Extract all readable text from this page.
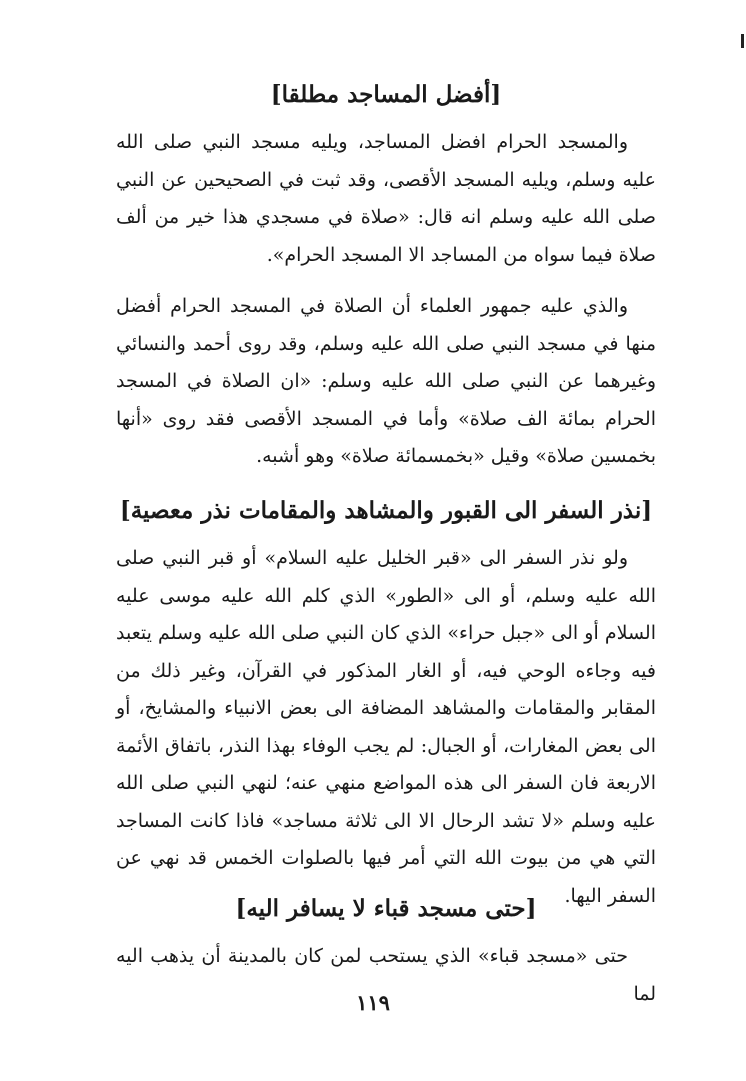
[أفضل المساجد مطلقا]

والمسجد الحرام افضل المساجد، ويليه مسجد النبي صلى الله عليه وسلم، ويليه المسجد الأقصى، وقد ثبت في الصحيحين عن النبي صلى الله عليه وسلم انه قال: «صلاة في مسجدي هذا خير من ألف صلاة فيما سواه من المساجد الا المسجد الحرام».

والذي عليه جمهور العلماء أن الصلاة في المسجد الحرام أفضل منها في مسجد النبي صلى الله عليه وسلم، وقد روى أحمد والنسائي وغيرهما عن النبي صلى الله عليه وسلم: «ان الصلاة في المسجد الحرام بمائة الف صلاة» وأما في المسجد الأقصى فقد روى «أنها بخمسين صلاة» وقيل «بخمسمائة صلاة» وهو أشبه.

[نذر السفر الى القبور والمشاهد والمقامات نذر معصية]

ولو نذر السفر الى «قبر الخليل عليه السلام» أو قبر النبي صلى الله عليه وسلم، أو الى «الطور» الذي كلم الله عليه موسى عليه السلام أو الى «جبل حراء» الذي كان النبي صلى الله عليه وسلم يتعبد فيه وجاءه الوحي فيه، أو الغار المذكور في القرآن، وغير ذلك من المقابر والمقامات والمشاهد المضافة الى بعض الانبياء والمشايخ، أو الى بعض المغارات، أو الجبال: لم يجب الوفاء بهذا النذر، باتفاق الأئمة الاربعة فان السفر الى هذه المواضع منهي عنه؛ لنهي النبي صلى الله عليه وسلم «لا تشد الرحال الا الى ثلاثة مساجد» فاذا كانت المساجد التي هي من بيوت الله التي أمر فيها بالصلوات الخمس قد نهي عن السفر اليها.

[حتى مسجد قباء لا يسافر اليه]

حتى «مسجد قباء» الذي يستحب لمن كان بالمدينة أن يذهب اليه لما

١١٩
